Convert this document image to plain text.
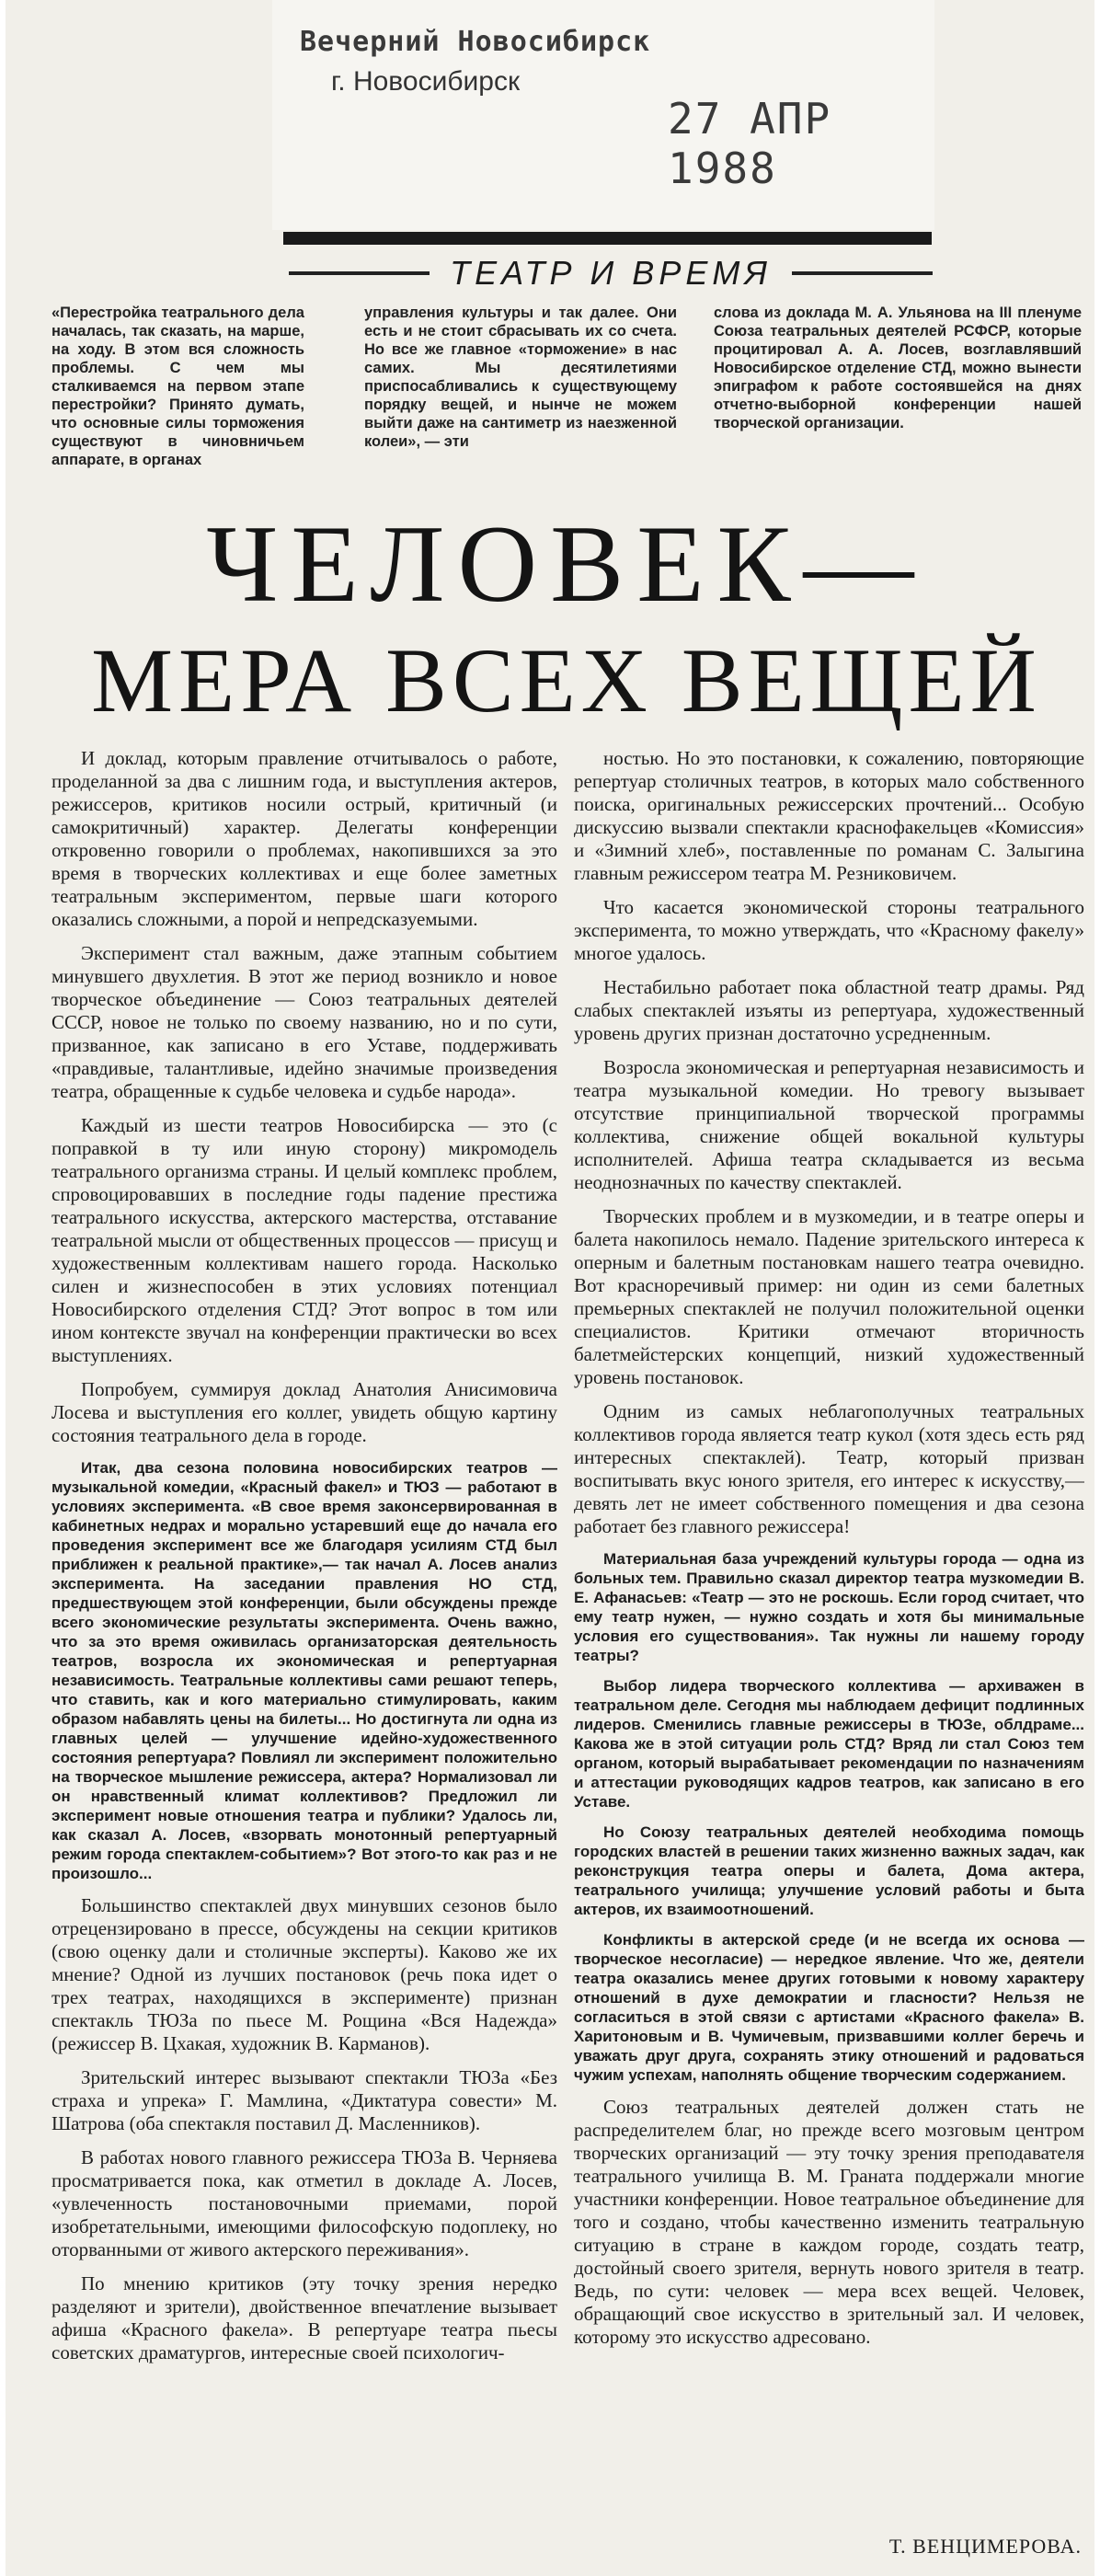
Вечерний Новосибирск
г. Новосибирск
27 АПР 1988
ТЕАТР И ВРЕМЯ

«Перестройка театрального дела началась, так сказать, на марше, на ходу. В этом вся сложность проблемы. С чем мы сталкиваемся на первом этапе перестройки? Принято думать, что основные силы торможения существуют в чиновничьем аппарате, в органах

управления культуры и так далее. Они есть и не стоит сбрасывать их со счета. Но все же главное «торможение» в нас самих. Мы десятилетиями приспосабливались к существующему порядку вещей, и нынче не можем выйти даже на сантиметр из наезженной колеи», — эти

слова из доклада М. А. Ульянова на III пленуме Союза театральных деятелей РСФСР, которые процитировал А. А. Лосев, возглавлявший Новосибирское отделение СТД, можно вынести эпиграфом к работе состоявшейся на днях отчетно-выборной конференции нашей творческой организации.

ЧЕЛОВЕК—
МЕРА ВСЕХ ВЕЩЕЙ

И доклад, которым правление отчитывалось о работе, проделанной за два с лишним года, и выступления актеров, режиссеров, критиков носили острый, критичный (и самокритичный) характер. Делегаты конференции откровенно говорили о проблемах, накопившихся за это время в творческих коллективах и еще более заметных театральным экспериментом, первые шаги которого оказались сложными, а порой и непредсказуемыми.

Эксперимент стал важным, даже этапным событием минувшего двухлетия. В этот же период возникло и новое творческое объединение — Союз театральных деятелей СССР, новое не только по своему названию, но и по сути, призванное, как записано в его Уставе, поддерживать «правдивые, талантливые, идейно значимые произведения театра, обращенные к судьбе человека и судьбе народа».

Каждый из шести театров Новосибирска — это (с поправкой в ту или иную сторону) микромодель театрального организма страны. И целый комплекс проблем, спровоцировавших в последние годы падение престижа театрального искусства, актерского мастерства, отставание театральной мысли от общественных процессов — присущ и художественным коллективам нашего города. Насколько силен и жизнеспособен в этих условиях потенциал Новосибирского отделения СТД? Этот вопрос в том или ином контексте звучал на конференции практически во всех выступлениях.

Попробуем, суммируя доклад Анатолия Анисимовича Лосева и выступления его коллег, увидеть общую картину состояния театрального дела в городе.

Итак, два сезона половина новосибирских театров — музыкальной комедии, «Красный факел» и ТЮЗ — работают в условиях эксперимента. «В свое время законсервированная в кабинетных недрах и морально устаревший еще до начала его проведения эксперимент все же благодаря усилиям СТД был приближен к реальной практике»,— так начал А. Лосев анализ эксперимента. На заседании правления НО СТД, предшествующем этой конференции, были обсуждены прежде всего экономические результаты эксперимента. Очень важно, что за это время оживилась организаторская деятельность театров, возросла их экономическая и репертуарная независимость. Театральные коллективы сами решают теперь, что ставить, как и кого материально стимулировать, каким образом набавлять цены на билеты... Но достигнута ли одна из главных целей — улучшение идейно-художественного состояния репертуара? Повлиял ли эксперимент положительно на творческое мышление режиссера, актера? Нормализовал ли он нравственный климат коллективов? Предложил ли эксперимент новые отношения театра и публики? Удалось ли, как сказал А. Лосев, «взорвать монотонный репертуарный режим города спектаклем-событием»? Вот этого-то как раз и не произошло...

Большинство спектаклей двух минувших сезонов было отрецензировано в прессе, обсуждены на секции критиков (свою оценку дали и столичные эксперты). Каково же их мнение? Одной из лучших постановок (речь пока идет о трех театрах, находящихся в эксперименте) признан спектакль ТЮЗа по пьесе М. Рощина «Вся Надежда» (режиссер В. Цхакая, художник В. Карманов).

Зрительский интерес вызывают спектакли ТЮЗа «Без страха и упрека» Г. Мамлина, «Диктатура совести» М. Шатрова (оба спектакля поставил Д. Масленников).

В работах нового главного режиссера ТЮЗа В. Черняева просматривается пока, как отметил в докладе А. Лосев, «увлеченность постановочными приемами, порой изобретательными, имеющими философскую подоплеку, но оторванными от живого актерского переживания».

По мнению критиков (эту точку зрения нередко разделяют и зрители), двойственное впечатление вызывает афиша «Красного факела». В репертуаре театра пьесы советских драматургов, интересные своей психологич-

ностью. Но это постановки, к сожалению, повторяющие репертуар столичных театров, в которых мало собственного поиска, оригинальных режиссерских прочтений... Особую дискуссию вызвали спектакли краснофакельцев «Комиссия» и «Зимний хлеб», поставленные по романам С. Залыгина главным режиссером театра М. Резниковичем.

Что касается экономической стороны театрального эксперимента, то можно утверждать, что «Красному факелу» многое удалось.

Нестабильно работает пока областной театр драмы. Ряд слабых спектаклей изъяты из репертуара, художественный уровень других признан достаточно усредненным.

Возросла экономическая и репертуарная независимость и театра музыкальной комедии. Но тревогу вызывает отсутствие принципиальной творческой программы коллектива, снижение общей вокальной культуры исполнителей. Афиша театра складывается из весьма неоднозначных по качеству спектаклей.

Творческих проблем и в музкомедии, и в театре оперы и балета накопилось немало. Падение зрительского интереса к оперным и балетным постановкам нашего театра очевидно. Вот красноречивый пример: ни один из семи балетных премьерных спектаклей не получил положительной оценки специалистов. Критики отмечают вторичность балетмейстерских концепций, низкий художественный уровень постановок.

Одним из самых неблагополучных театральных коллективов города является театр кукол (хотя здесь есть ряд интересных спектаклей). Театр, который призван воспитывать вкус юного зрителя, его интерес к искусству,— девять лет не имеет собственного помещения и два сезона работает без главного режиссера!

Материальная база учреждений культуры города — одна из больных тем. Правильно сказал директор театра музкомедии В. Е. Афанасьев: «Театр — это не роскошь. Если город считает, что ему театр нужен, — нужно создать и хотя бы минимальные условия его существования». Так нужны ли нашему городу театры?

Выбор лидера творческого коллектива — архиважен в театральном деле. Сегодня мы наблюдаем дефицит подлинных лидеров. Сменились главные режиссеры в ТЮЗе, облдраме... Какова же в этой ситуации роль СТД? Вряд ли стал Союз тем органом, который вырабатывает рекомендации по назначениям и аттестации руководящих кадров театров, как записано в его Уставе.

Но Союзу театральных деятелей необходима помощь городских властей в решении таких жизненно важных задач, как реконструкция театра оперы и балета, Дома актера, театрального училища; улучшение условий работы и быта актеров, их взаимоотношений.

Конфликты в актерской среде (и не всегда их основа — творческое несогласие) — нередкое явление. Что же, деятели театра оказались менее других готовыми к новому характеру отношений в духе демократии и гласности? Нельзя не согласиться в этой связи с артистами «Красного факела» В. Харитоновым и В. Чумичевым, призвавшими коллег беречь и уважать друг друга, сохранять этику отношений и радоваться чужим успехам, наполнять общение творческим содержанием.

Союз театральных деятелей должен стать не распределителем благ, но прежде всего мозговым центром творческих организаций — эту точку зрения преподавателя театрального училища В. М. Граната поддержали многие участники конференции. Новое театральное объединение для того и создано, чтобы качественно изменить театральную ситуацию в стране в каждом городе, создать театр, достойный своего зрителя, вернуть нового зрителя в театр. Ведь, по сути: человек — мера всех вещей. Человек, обращающий свое искусство в зрительный зал. И человек, которому это искусство адресовано.

Т. ВЕНЦИМЕРОВА.
